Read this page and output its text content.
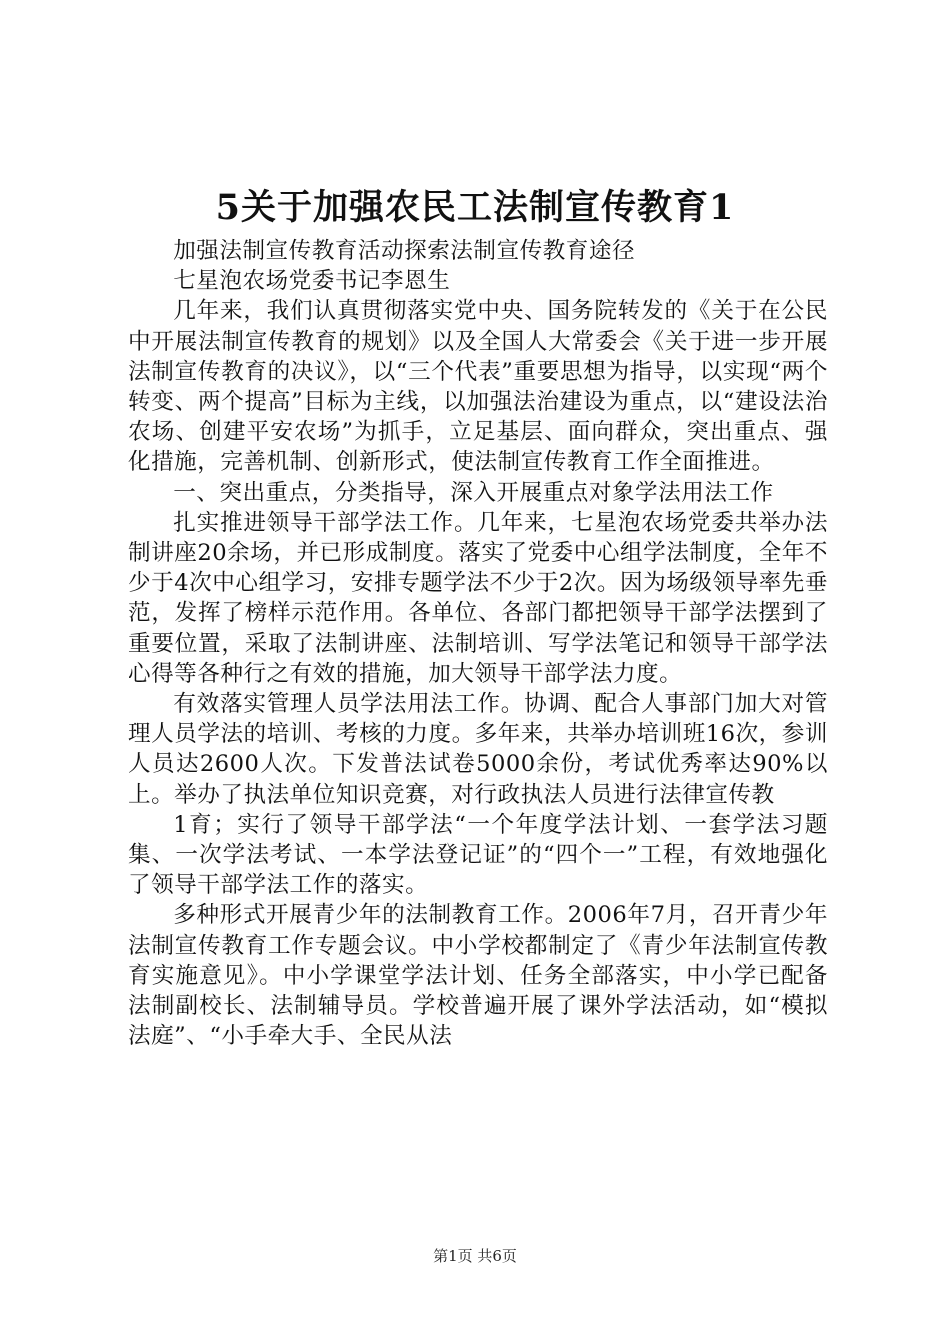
5关于加强农民工法制宣传教育1

加强法制宣传教育活动探索法制宣传教育途径

七星泡农场党委书记李恩生

几年来，我们认真贯彻落实党中央、国务院转发的《关于在公民中开展法制宣传教育的规划》以及全国人大常委会《关于进一步开展法制宣传教育的决议》，以“三个代表”重要思想为指导，以实现“两个转变、两个提高”目标为主线，以加强法治建设为重点，以“建设法治农场、创建平安农场”为抓手，立足基层、面向群众，突出重点、强化措施，完善机制、创新形式，使法制宣传教育工作全面推进。

一、突出重点，分类指导，深入开展重点对象学法用法工作

扎实推进领导干部学法工作。几年来，七星泡农场党委共举办法制讲座20余场，并已形成制度。落实了党委中心组学法制度，全年不少于4次中心组学习，安排专题学法不少于2次。因为场级领导率先垂范，发挥了榜样示范作用。各单位、各部门都把领导干部学法摆到了重要位置，采取了法制讲座、法制培训、写学法笔记和领导干部学法心得等各种行之有效的措施，加大领导干部学法力度。

有效落实管理人员学法用法工作。协调、配合人事部门加大对管理人员学法的培训、考核的力度。多年来，共举办培训班16次，参训人员达2600人次。下发普法试卷5000余份，考试优秀率达90%以上。举办了执法单位知识竞赛，对行政执法人员进行法律宣传教

1育；实行了领导干部学法“一个年度学法计划、一套学法习题集、一次学法考试、一本学法登记证”的“四个一”工程，有效地强化了领导干部学法工作的落实。

多种形式开展青少年的法制教育工作。2006年7月，召开青少年法制宣传教育工作专题会议。中小学校都制定了《青少年法制宣传教育实施意见》。中小学课堂学法计划、任务全部落实，中小学已配备法制副校长、法制辅导员。学校普遍开展了课外学法活动，如“模拟法庭”、“小手牵大手、全民从法

第1页 共6页
